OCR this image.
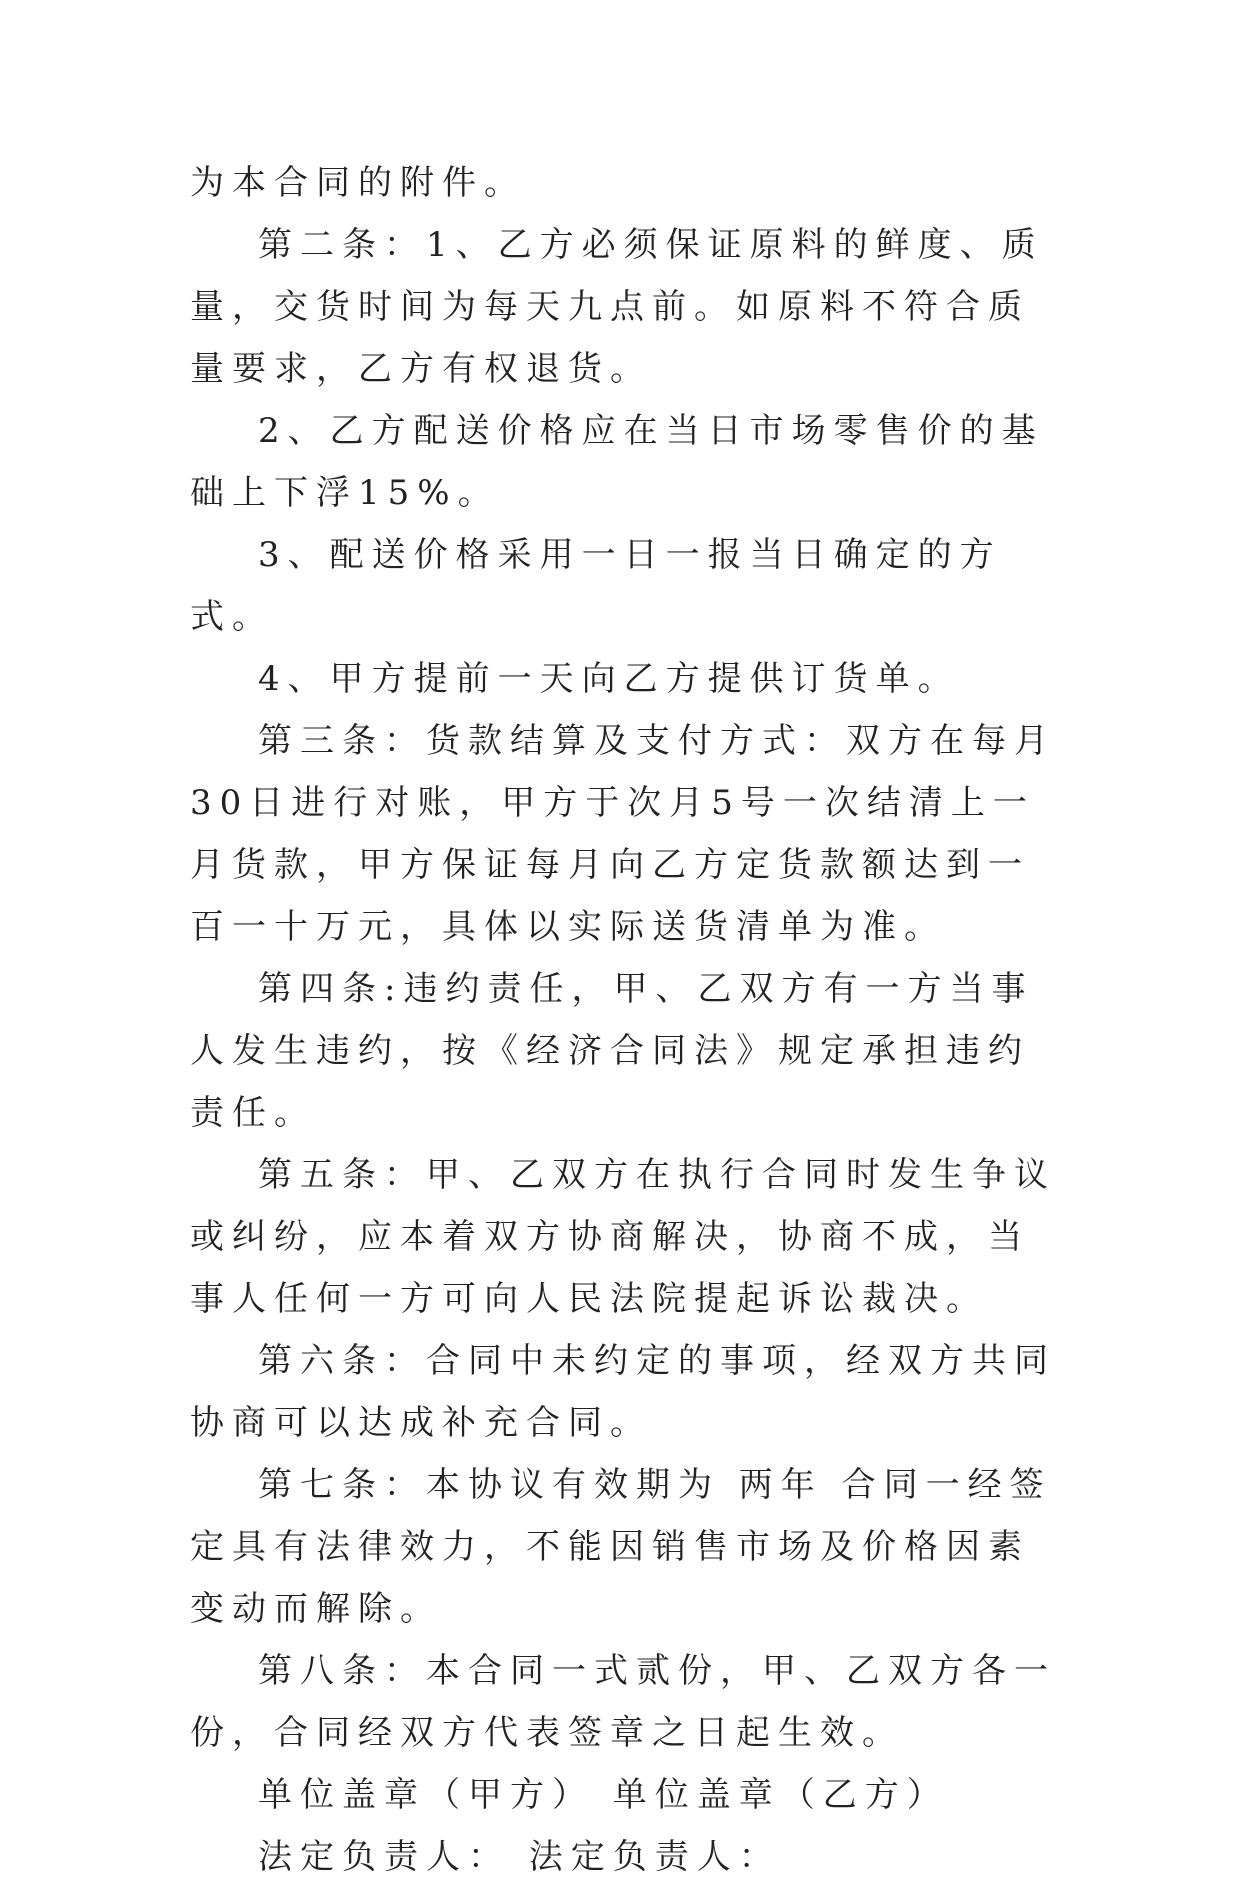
为本合同的附件。

第二条：1、乙方必须保证原料的鲜度、质量，交货时间为每天九点前。如原料不符合质量要求，乙方有权退货。

2、乙方配送价格应在当日市场零售价的基础上下浮15%。

3、配送价格采用一日一报当日确定的方式。

4、甲方提前一天向乙方提供订货单。

第三条：货款结算及支付方式：双方在每月30日进行对账，甲方于次月5号一次结清上一月货款，甲方保证每月向乙方定货款额达到一百一十万元，具体以实际送货清单为准。

第四条:违约责任，甲、乙双方有一方当事人发生违约，按《经济合同法》规定承担违约责任。

第五条：甲、乙双方在执行合同时发生争议或纠纷，应本着双方协商解决，协商不成，当事人任何一方可向人民法院提起诉讼裁决。

第六条：合同中未约定的事项，经双方共同协商可以达成补充合同。

第七条：本协议有效期为 两年 合同一经签定具有法律效力，不能因销售市场及价格因素变动而解除。

第八条：本合同一式贰份，甲、乙双方各一份，合同经双方代表签章之日起生效。

单位盖章（甲方） 单位盖章（乙方）

法定负责人： 法定负责人：
